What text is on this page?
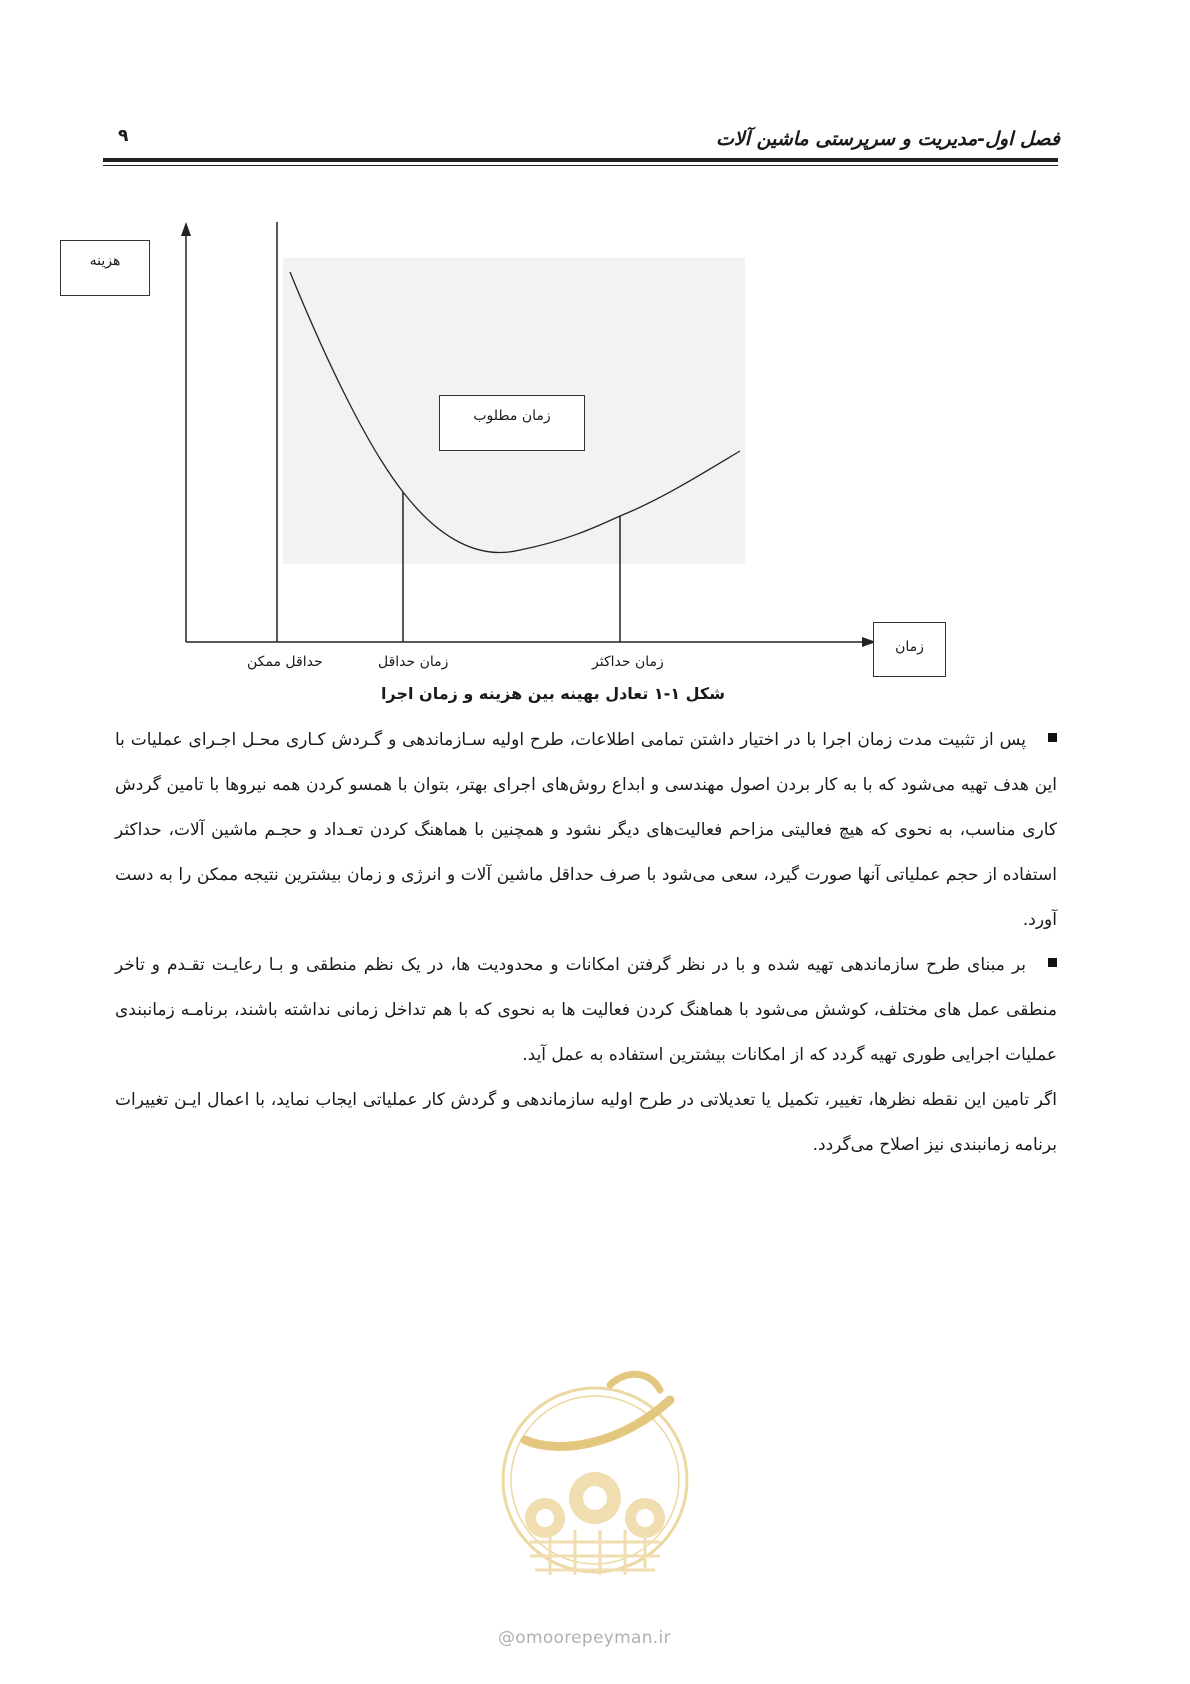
۹	فصل اول-مدیریت و سرپرستی ماشین آلات
هزینه
زمان مطلوب
زمان
حداقل ممکن	زمان حداقل	زمان حداکثر
شکل ۱-۱ تعادل بهینه بین هزینه و زمان اجرا

پس از تثبیت مدت زمان اجرا با در اختیار داشتن تمامی اطلاعات، طرح اولیه سـازماندهی و گـردش کـاری محـل اجـرای عملیات با این هدف تهیه می‌شود که با به کار بردن اصول مهندسی و ابداع روش‌های اجرای بهتر، بتوان با همسو کردن همه نیروها با تامین گردش کاری مناسب، به نحوی که هیچ فعالیتی مزاحم فعالیت‌های دیگر نشود و همچنین با هماهنگ کردن تعـداد و حجـم ماشین آلات، حداکثر استفاده از حجم عملیاتی آنها صورت گیرد، سعی می‌شود با صرف حداقل ماشین آلات و انرژی و زمان بیشترین نتیجه ممکن را به دست آورد.

بر مبنای طرح سازماندهی تهیه شده و با در نظر گرفتن امکانات و محدودیت ها، در یک نظم منطقی و بـا رعایـت تقـدم و تاخر منطقی عمل های مختلف، کوشش می‌شود با هماهنگ کردن فعالیت ها به نحوی که با هم تداخل زمانی نداشته باشند، برنامـه زمانبندی عملیات اجرایی طوری تهیه گردد که از امکانات بیشترین استفاده به عمل آید.

اگر تامین این نقطه نظرها، تغییر، تکمیل یا تعدیلاتی در طرح اولیه سازماندهی و گردش کار عملیاتی ایجاب نماید، با اعمال ایـن تغییرات برنامه زمانبندی نیز اصلاح می‌گردد.

@omoorepeyman.ir
